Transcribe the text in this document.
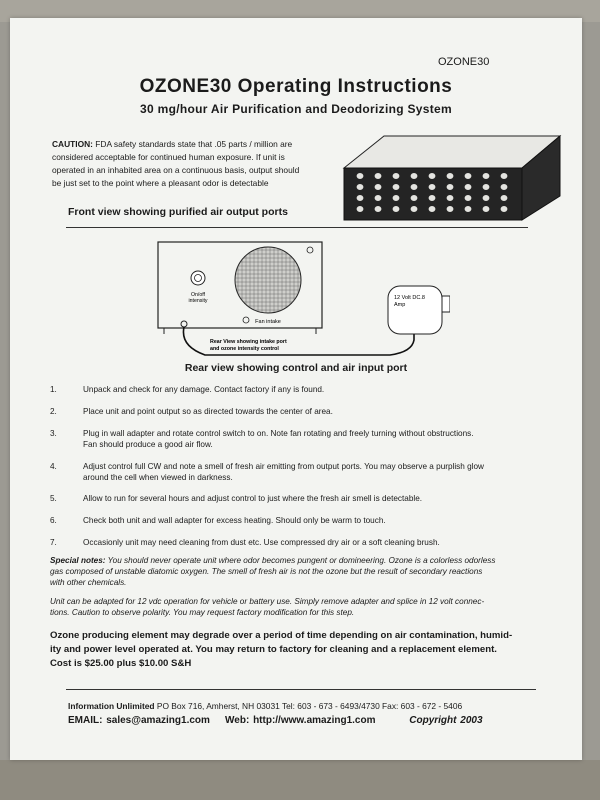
OZONE30
OZONE30 Operating Instructions
30 mg/hour Air Purification and Deodorizing System
CAUTION: FDA safety standards state that .05 parts / million are
considered acceptable for continued human exposure. If unit is
operated in an inhabited area on a continuous basis, output should
be just set to the point where a pleasant odor is detectable
Front view showing purified air output ports
On/off
intensity
Fan intake
Rear View showing intake port
and ozone intensity control
12 Volt DC.8
Amp
Rear view showing control and air input port
1.	Unpack and check for any damage. Contact factory if any is found.
2.	Place unit and point output so as directed towards the center of area.
3.	Plug in wall adapter and rotate control switch to on. Note fan rotating and freely turning without obstructions.
Fan should produce a good air flow.
4.	Adjust control full CW and note a smell of fresh air emitting from output ports. You may observe a purplish glow
around the cell when viewed in darkness.
5.	Allow to run for several hours and adjust control to just where the fresh air smell is detectable.
6.	Check both unit and wall adapter for excess heating. Should only be warm to touch.
7.	Occasionly unit may need cleaning from dust etc. Use compressed dry air or a soft cleaning brush.
Special notes: You should never operate unit where odor becomes pungent or domineering. Ozone is a colorless odorless
gas composed of unstable diatomic oxygen. The smell of fresh air is not the ozone but the result of secondary reactions
with other chemicals.
Unit can be adapted for 12 vdc operation for vehicle or battery use. Simply remove adapter and splice in 12 volt connec-
tions. Caution to observe polarity. You may request factory modification for this step.
Ozone producing element may degrade over a period of time depending on air contamination, humid-
ity and power level operated at. You may return to factory for cleaning and a replacement element.
Cost is $25.00 plus $10.00 S&H
Information Unlimited PO Box 716, Amherst, NH 03031 Tel: 603 - 673 - 6493/4730 Fax: 603 - 672 - 5406
EMAIL: sales@amazing1.com Web: http://www.amazing1.com	Copyright 2003
